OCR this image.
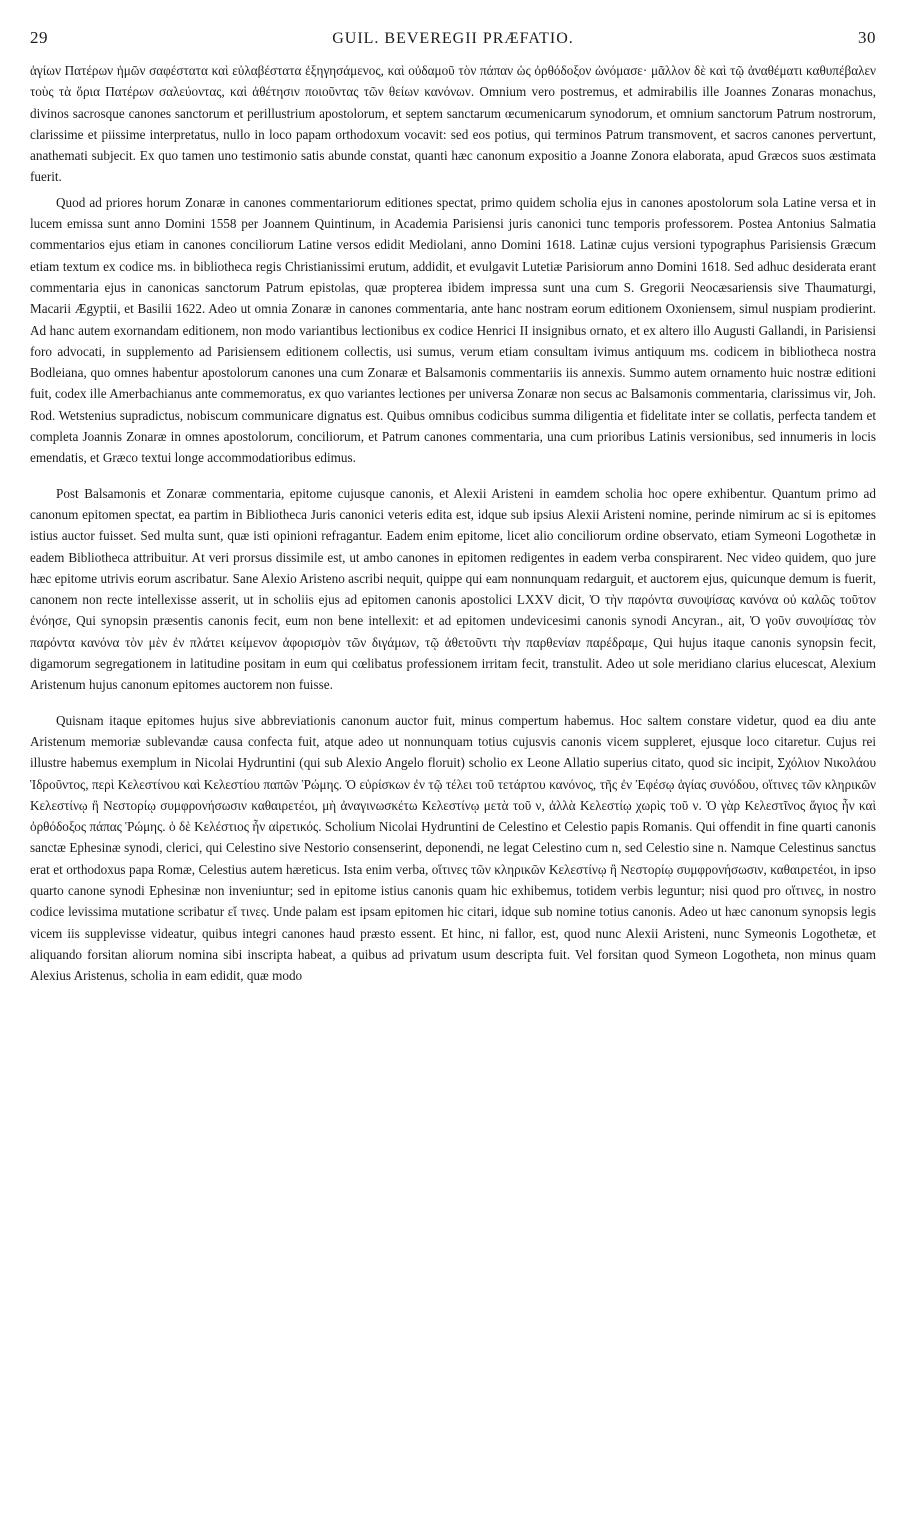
29	GUIL. BEVEREGII PRÆFATIO.	30

ἁγίων Πατέρων ἡμῶν σαφέστατα καὶ εὐλαβέστατα ἐξηγησάμενος, καὶ οὐδαμοῦ τὸν πάπαν ὡς ὀρθόδοξον ὠνόμασε· μᾶλλον δὲ καὶ τῷ ἀναθέματι καθυπέβαλεν τοὺς τὰ ὅρια Πατέρων σαλεύοντας, καὶ ἀθέτησιν ποιοῦντας τῶν θείων κανόνων. Omnium vero postremus, et admirabilis ille Joannes Zonaras monachus, divinos sacrosque canones sanctorum et perillustrium apostolorum, et septem sanctarum œcumenicarum synodorum, et omnium sanctorum Patrum nostrorum, clarissime et piissime interpretatus, nullo in loco papam orthodoxum vocavit: sed eos potius, qui terminos Patrum transmovent, et sacros canones pervertunt, anathemati subjecit. Ex quo tamen uno testimonio satis abunde constat, quanti hæc canonum expositio a Joanne Zonora elaborata, apud Græcos suos æstimata fuerit.

Quod ad priores horum Zonaræ in canones commentariorum editiones spectat, primo quidem scholia ejus in canones apostolorum sola Latine versa et in lucem emissa sunt anno Domini 1558 per Joannem Quintinum, in Academia Parisiensi juris canonici tunc temporis professorem. Postea Antonius Salmatia commentarios ejus etiam in canones conciliorum Latine versos edidit Mediolani, anno Domini 1618. Latinæ cujus versioni typographus Parisiensis Græcum etiam textum ex codice ms. in bibliotheca regis Christianissimi erutum, addidit, et evulgavit Lutetiæ Parisiorum anno Domini 1618. Sed adhuc desiderata erant commentaria ejus in canonicas sanctorum Patrum epistolas, quæ propterea ibidem impressa sunt una cum S. Gregorii Neocæsariensis sive Thaumaturgi, Macarii Ægyptii, et Basilii 1622. Adeo ut omnia Zonaræ in canones commentaria, ante hanc nostram eorum editionem Oxoniensem, simul nuspiam prodierint. Ad hanc autem exornandam editionem, non modo variantibus lectionibus ex codice Henrici II insignibus ornato, et ex altero illo Augusti Gallandi, in Parisiensi foro advocati, in supplemento ad Parisiensem editionem collectis, usi sumus, verum etiam consultam ivimus antiquum ms. codicem in bibliotheca nostra Bodleiana, quo omnes habentur apostolorum canones una cum Zonaræ et Balsamonis commentariis iis annexis. Summo autem ornamento huic nostræ editioni fuit, codex ille Amerbachianus ante commemoratus, ex quo variantes lectiones per universa Zonaræ non secus ac Balsamonis commentaria, clarissimus vir, Joh. Rod. Wetstenius supradictus, nobiscum communicare dignatus est. Quibus omnibus codicibus summa diligentia et fidelitate inter se collatis, perfecta tandem et completa Joannis Zonaræ in omnes apostolorum, conciliorum, et Patrum canones commentaria, una cum prioribus Latinis versionibus, sed innumeris in locis emendatis, et Græco textui longe accommodatioribus edimus.

Post Balsamonis et Zonaræ commentaria, epitome cujusque canonis, et Alexii Aristeni in eamdem scholia hoc opere exhibentur. Quantum primo ad canonum epitomen spectat, ea partim in Bibliotheca Juris canonici veteris edita est, idque sub ipsius Alexii Aristeni nomine, perinde nimirum ac si is epitomes istius auctor fuisset. Sed multa sunt, quæ isti opinioni refragantur. Eadem enim epitome, licet alio conciliorum ordine observato, etiam Symeoni Logothetæ in eadem Bibliotheca attribuitur. At veri prorsus dissimile est, ut ambo canones in epitomen redigentes in eadem verba conspirarent. Nec video quidem, quo jure hæc epitome utrivis eorum ascribatur. Sane Alexio Aristeno ascribi nequit, quippe qui eam nonnunquam redarguit, et auctorem ejus, quicunque demum is fuerit, canonem non recte intellexisse asserit, ut in scholiis ejus ad epitomen canonis apostolici LXXV dicit, Ὁ τὴν παρόντα συνοψίσας κανόνα οὐ καλῶς τοῦτον ἐνόησε, Qui synopsin præsentis canonis fecit, eum non bene intellexit: et ad epitomen undevicesimi canonis synodi Ancyran., ait, Ὁ γοῦν συνοψίσας τὸν παρόντα κανόνα τὸν μὲν ἐν πλάτει κείμενον ἀφορισμὸν τῶν διγάμων, τῷ ἀθετοῦντι τὴν παρθενίαν παρέδραμε, Qui hujus itaque canonis synopsin fecit, digamorum segregationem in latitudine positam in eum qui cœlibatus professionem irritam fecit, transtulit. Adeo ut sole meridiano clarius elucescat, Alexium Aristenum hujus canonum epitomes auctorem non fuisse.

Quisnam itaque epitomes hujus sive abbreviationis canonum auctor fuit, minus compertum habemus. Hoc saltem constare videtur, quod ea diu ante Aristenum memoriæ sublevandæ causa confecta fuit, atque adeo ut nonnunquam totius cujusvis canonis vicem suppleret, ejusque loco citaretur. Cujus rei illustre habemus exemplum in Nicolai Hydruntini (qui sub Alexio Angelo floruit) scholio ex Leone Allatio superius citato, quod sic incipit, Σχόλιον Νικολάου Ἱδρoῦντος, περὶ Κελεστίνου καὶ Κελεστίου παπῶν Ῥώμης. Ὁ εὑρίσκων ἐν τῷ τέλει τοῦ τετάρτου κανόνος, τῆς ἐν Ἐφέσῳ ἁγίας συνόδου, οἵτινες τῶν κληρικῶν Κελεστίνῳ ἢ Νεστορίῳ συμφρονήσωσιν καθαιρετέοι, μὴ ἀναγινωσκέτω Κελεστίνῳ μετὰ τοῦ ν, ἀλλὰ Κελεστίῳ χωρὶς τοῦ ν. Ὁ γὰρ Κελεστῖνος ἅγιος ἦν καὶ ὀρθόδοξος πάπας Ῥώμης. ὁ δὲ Κελέστιος ἦν αἱρετικός. Scholium Nicolai Hydruntini de Celestino et Celestio papis Romanis. Qui offendit in fine quarti canonis sanctæ Ephesinæ synodi, clerici, qui Celestino sive Nestorio consenserint, deponendi, ne legat Celestino cum n, sed Celestio sine n. Namque Celestinus sanctus erat et orthodoxus papa Romæ, Celestius autem hæreticus. Ista enim verba, οἵτινες τῶν κληρικῶν Κελεστίνῳ ἢ Νεστορίῳ συμφρονήσωσιν, καθαιρετέοι, in ipso quarto canone synodi Ephesinæ non inveniuntur; sed in epitome istius canonis quam hic exhibemus, totidem verbis leguntur; nisi quod pro οἵτινες, in nostro codice levissima mutatione scribatur εἴ τινες. Unde palam est ipsam epitomen hic citari, idque sub nomine totius canonis. Adeo ut hæc canonum synopsis legis vicem iis supplevisse videatur, quibus integri canones haud præsto essent. Et hinc, ni fallor, est, quod nunc Alexii Aristeni, nunc Symeonis Logothetæ, et aliquando forsitan aliorum nomina sibi inscripta habeat, a quibus ad privatum usum descripta fuit. Vel forsitan quod Symeon Logotheta, non minus quam Alexius Aristenus, scholia in eam edidit, quæ modo
